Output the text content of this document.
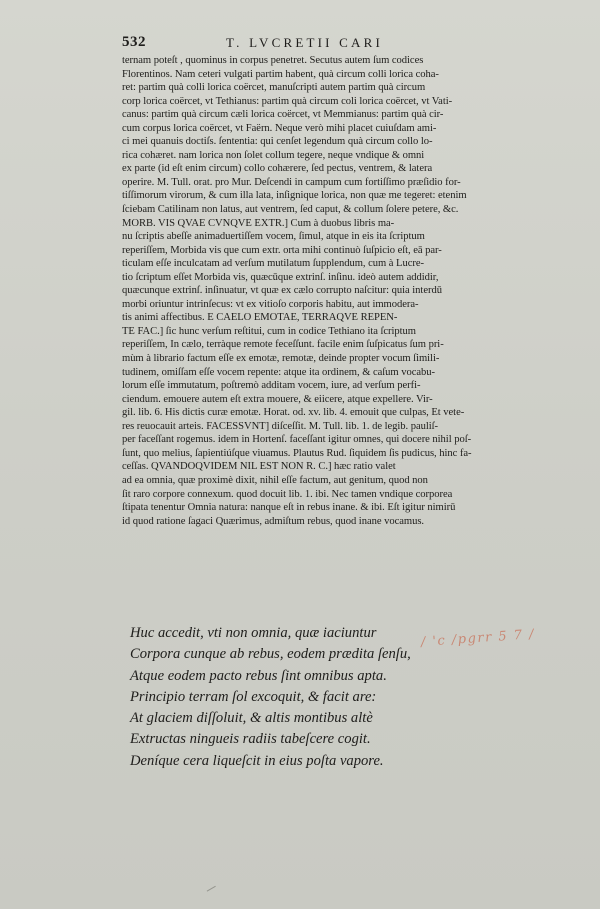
532	T. LVCRETII CARI
ternam poteſt , quominus in corpus penetret. Secutus autem ſum codices
Florentinos. Nam ceteri vulgati partim habent, quà circum colli lorica coha-
ret: partim quà colli lorica coërcet, manuſcripti autem partim quà circum
corp lorica coërcet, vt Tethianus: partim quà circum coli lorica coërcet, vt Vati-
canus: partim quà circum cæli lorica coërcet, vt Memmianus: partim quà cir-
cum corpus lorica coërcet, vt Faërn. Neque verò mihi placet cuiuſdam ami-
ci mei quanuis doctiſs. ſententia: qui cenſet legendum quà circum collo lo-
rica cohæret. nam lorica non ſolet collum tegere, neque vndique & omni
ex parte (id eſt enim circum) collo cohærere, ſed pectus, ventrem, & latera
operire. M. Tull. orat. pro Mur. Deſcendi in campum cum fortiſſimo præſidio for-
tiſſimorum virorum, & cum illa lata, inſignique lorica, non quæ me tegeret: etenim
ſciebam Catilinam non latus, aut ventrem, ſed caput, & collum ſolere petere, &c.
MORB. VIS QVAE CVNQVE EXTR.] Cum à duobus libris ma-
nu ſcriptis abeſſe animaduertiſſem vocem, ſimul, atque in eis ita ſcriptum
reperiſſem, Morbida vis que cum extr. orta mihi continuò ſuſpicio eſt, eā par-
ticulam eſſe inculcatam ad verſum mutilatum ſupplendum, cum à Lucre-
tio ſcriptum eſſet Morbida vis, quæcūque extrinſ. inſinu. ideò autem addidir,
quæcunque extrinſ. inſinuatur, vt quæ ex cælo corrupto naſcitur: quia interdū
morbi oriuntur intrinſecus: vt ex vitioſo corporis habitu, aut immodera-
tis animi affectibus. E CAELO EMOTAE, TERRAQVE REPEN-
TE FAC.] ſic hunc verſum reſtitui, cum in codice Tethiano ita ſcriptum
reperiſſem, In cælo, terràque remote feceſſunt. facile enim ſuſpicatus ſum pri-
mùm à librario factum eſſe ex emotæ, remotæ, deinde propter vocum ſimili-
tudinem, omiſſam eſſe vocem repente: atque ita ordinem, & caſum vocabu-
lorum eſſe immutatum, poſtremò additam vocem, iure, ad verſum perfi-
ciendum. emouere autem eſt extra mouere, & eiicere, atque expellere. Vir-
gil. lib. 6. His dictis curæ emotæ. Horat. od. xv. lib. 4. emouit que culpas, Et vete-
res reuocauit arteis. FACESSVNT] diſceſſit. M. Tull. lib. 1. de legib. pauliſ-
per faceſſant rogemus. idem in Hortenſ. faceſſant igitur omnes, qui docere nihil poſ-
ſunt, quo melius, ſapientiúſque viuamus. Plautus Rud. ſiquidem ſis pudicus, hinc fa-
ceſſas. QVANDOQVIDEM NIL EST NON R. C.] hæc ratio valet
ad ea omnia, quæ proximè dixit, nihil eſſe factum, aut genitum, quod non
ſit raro corpore connexum. quod docuit lib. 1. ibi. Nec tamen vndique corporea
ſtipata tenentur Omnia natura: nanque eſt in rebus inane. & ibi. Eſt igitur nimirū
id quod ratione ſagaci Quærimus, admiſtum rebus, quod inane vocamus.
Huc accedit, vti non omnia, quæ iaciuntur
Corpora cunque ab rebus, eodem prædita ſenſu,
Atque eodem pacto rebus ſint omnibus apta.
Principio terram ſol excoquit, & facit are:
At glaciem diſſoluit, & altis montibus altè
Extructas ningueis radiis tabeſcere cogit.
Deníque cera liqueſcit in eius poſta vapore.
/ 'c /pgrr 5 7 /
